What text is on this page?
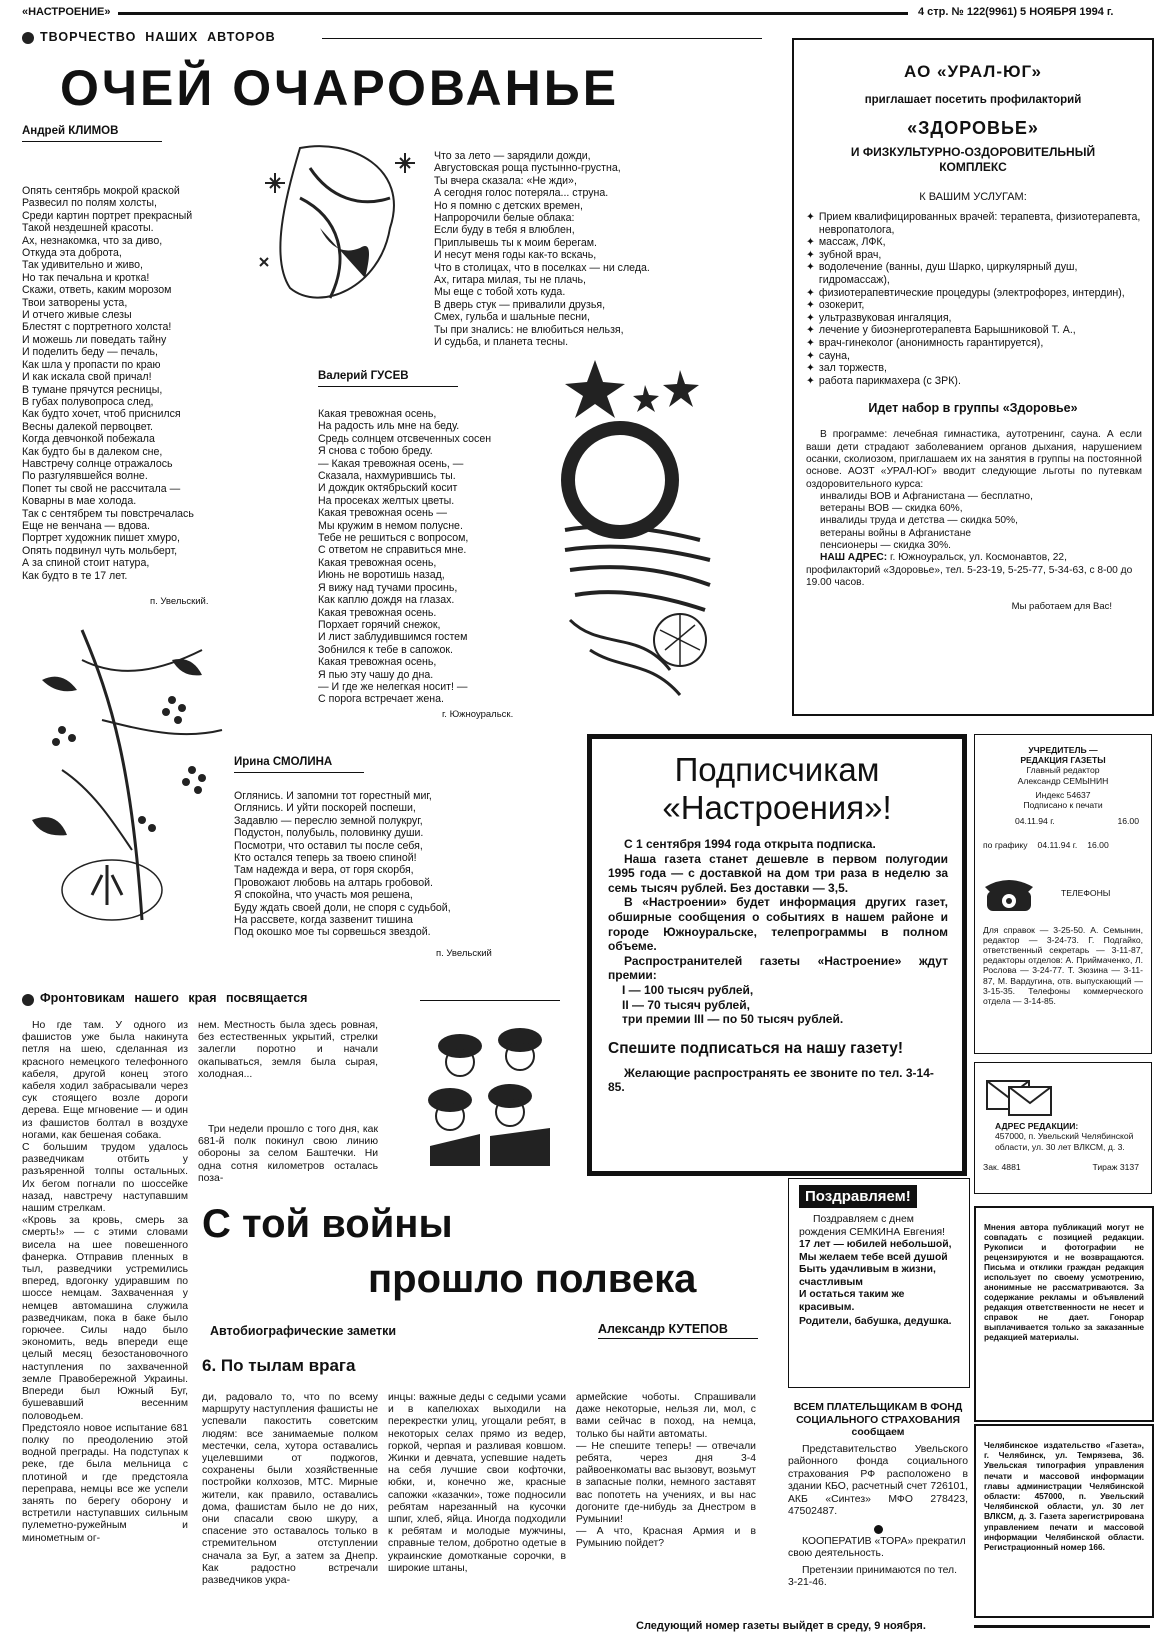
«НАСТРОЕНИЕ»	4 стр. № 122(9961) 5 НОЯБРЯ 1994 г.
ТВОРЧЕСТВО  НАШИХ  АВТОРОВ
ОЧЕЙ ОЧАРОВАНЬЕ
Андрей КЛИМОВ
Опять сентябрь мокрой краской
Развесил по полям холсты,
Среди картин портрет прекрасный
Такой нездешней красоты.
Ах, незнакомка, что за диво,
Откуда эта доброта,
Так удивительно и живо,
Но так печальна и кротка!
Скажи, ответь, каким морозом
Твои затворены уста,
И отчего живые слезы
Блестят с портретного холста!
И можешь ли поведать тайну
И поделить беду — печаль,
Как шла у пропасти по краю
И как искала свой причал!
В тумане прячутся ресницы,
В губах полувопроса след,
Как будто хочет, чтоб приснился
Весны далекой первоцвет.
Когда девчонкой побежала
Как будто бы в далеком сне,
Навстречу солнце отражалось
По разгулявшейся волне.
Попет ты свой не рассчитала —
Коварны в мае холода.
Так с сентябрем ты повстречалась
Еще не венчана — вдова.
Портрет художник пишет хмуро,
Опять подвинул чуть мольберт,
А за спиной стоит натура,
Как будто в те 17 лет.
п. Увельский.
Что за лето — зарядили дожди,
Августовская роща пустынно-грустна,
Ты вчера сказала: «Не жди»,
А сегодня голос потеряла... струна.
Но я помню с детских времен,
Напророчили белые облака:
Если буду в тебя я влюблен,
Приплывешь ты к моим берегам.
И несут меня годы как-то вскачь,
Что в столицах, что в поселках — ни следа.
Ах, гитара милая, ты не плачь,
Мы еще с тобой хоть куда.
В дверь стук — привалили друзья,
Смех, гульба и шальные песни,
Ты при знались: не влюбиться нельзя,
И судьба, и планета тесны.
Валерий ГУСЕВ
Какая тревожная осень,
На радость иль мне на беду.
Средь солнцем отсвеченных сосен
Я снова с тобою бреду.
— Какая тревожная осень, —
Сказала, нахмурившись ты.
И дождик октябрьский косит
На просеках желтых цветы.
Какая тревожная осень —
Мы кружим в немом полусне.
Тебе не решиться с вопросом,
С ответом не справиться мне.
Какая тревожная осень,
Июнь не воротишь назад,
Я вижу над тучами просинь,
Как каплю дождя на глазах.
Какая тревожная осень.
Порхает горячий снежок,
И лист заблудившимся гостем
Зобнился к тебе в сапожок.
Какая тревожная осень,
Я пью эту чашу до дна.
— И где же нелегкая носит! —
С порога встречает жена.
г. Южноуральск.
Ирина СМОЛИНА
Оглянись. И запомни тот горестный миг,
Оглянись. И уйти поскорей поспеши,
Задавлю — переслю земной полукруг,
Подустон, полубыль, половинку души.
Посмотри, что оставил ты после себя,
Кто остался теперь за твоею спиной!
Там надежда и вера, от горя скорбя,
Провожают любовь на алтарь гробовой.
Я спокойна, что участь моя решена,
Буду ждать своей доли, не споря с судьбой,
На рассвете, когда зазвенит тишина
Под окошко мое ты сорвешься звездой.
п. Увельский
АО «УРАЛ-ЮГ»
приглашает посетить профилакторий
«ЗДОРОВЬЕ»
И ФИЗКУЛЬТУРНО-ОЗДОРОВИТЕЛЬНЫЙ КОМПЛЕКС
К ВАШИМ УСЛУГАМ:
✦ Прием квалифицированных врачей: терапевта, физиотерапевта, невропатолога,
✦ массаж, ЛФК,
✦ зубной врач,
✦ водолечение (ванны, душ Шарко, циркулярный душ, гидромассаж),
✦ физиотерапевтические процедуры (электрофорез, интердин),
✦ озокерит,
✦ ультразвуковая ингаляция,
✦ лечение у биоэнерготерапевта Барышниковой Т. А.,
✦ врач-гинеколог (анонимность гарантируется),
✦ сауна,
✦ зал торжеств,
✦ работа парикмахера (с ЗРК).
Идет набор в группы «Здоровье»
В программе: лечебная гимнастика, аутотренинг, сауна. А если ваши дети страдают заболеванием органов дыхания, нарушением осанки, сколиозом, приглашаем их на занятия в группы на постоянной основе. АОЗТ «УРАЛ-ЮГ» вводит следующие льготы по путевкам оздоровительного курса:
инвалиды ВОВ и Афганистана — бесплатно,
ветераны ВОВ — скидка 60%,
инвалиды труда и детства — скидка 50%,
ветераны войны в Афганистане
пенсионеры — скидка 30%.
НАШ АДРЕС: г. Южноуральск, ул. Космонавтов, 22, профилакторий «Здоровье», тел. 5-23-19, 5-25-77, 5-34-63, с 8-00 до 19.00 часов.
Мы работаем для Вас!
Подписчикам
«Настроения»!
С 1 сентября 1994 года открыта подписка.
Наша газета станет дешевле в первом полугодии 1995 года — с доставкой на дом три раза в неделю за семь тысяч рублей. Без доставки — 3,5.
В «Настроении» будет информация других газет, обширные сообщения о событиях в нашем районе и городе Южноуральске, телепрограммы в полном объеме.
Распространителей газеты «Настроение» ждут премии:
I — 100 тысяч рублей,
II — 70 тысяч рублей,
три премии III — по 50 тысяч рублей.
Спешите подписаться на нашу газету!
Желающие распространять ее звоните по тел. 3-14-85.
УЧРЕДИТЕЛЬ — РЕДАКЦИЯ ГАЗЕТЫ
Главный редактор Александр СЕМЫНИН
Индекс 54637
Подписано к печати
04.11.94 г.	16.00
по графику 04.11.94 г. 16.00
ТЕЛЕФОНЫ
Для справок — 3-25-50. А. Семынин, редактор — 3-24-73. Г. Подгайко, ответственный секретарь — 3-11-87, редакторы отделов: А. Приймаченко, Л. Рослова — 3-24-77. Т. Зюзина — 3-11-87, М. Вардугина, отв. выпускающий — 3-15-35. Телефоны коммерческого отдела — 3-14-85.
АДРЕС РЕДАКЦИИ:
457000, п. Увельский Челябинской области, ул. 30 лет ВЛКСМ, д. 3.
Зак. 4881	Тираж 3137
Мнения автора публикаций могут не совпадать с позицией редакции. Рукописи и фотографии не рецензируются и не возвращаются. Письма и отклики граждан редакция использует по своему усмотрению, анонимные не рассматриваются. За содержание рекламы и объявлений редакция ответственности не несет и справок не дает. Гонорар выплачивается только за заказанные редакцией материалы.
Челябинское издательство «Газета», г. Челябинск, ул. Темрязева, 36. Увельская типография управления печати и массовой информации главы администрации Челябинской области: 457000, п. Увельский Челябинской области, ул. 30 лет ВЛКСМ, д. 3. Газета зарегистрирована управлением печати и массовой информации Челябинской области. Регистрационный номер 166.
Поздравляем!
Поздравляем с днем рождения СЕМКИНА Евгения!
17 лет — юбилей небольшой,
Мы желаем тебе всей душой
Быть удачливым в жизни, счастливым
И остаться таким же красивым.
Родители, бабушка, дедушка.
ВСЕМ ПЛАТЕЛЬЩИКАМ В ФОНД СОЦИАЛЬНОГО СТРАХОВАНИЯ сообщаем
Представительство Увельского районного фонда социального страхования РФ расположено в здании КБО, расчетный счет 726101, АКБ «Синтез» МФО 278423, 47502487.
КООПЕРАТИВ «ТОРА» прекратил свою деятельность.
Претензии принимаются по тел. 3-21-46.
Фронтовикам нашего края посвящается
Но где там. У одного из фашистов уже была накинута петля на шею, сделанная из красного немецкого телефонного кабеля, другой конец этого кабеля ходил забрасывали через сук стоящего возле дороги дерева. Еще мгновение — и один из фашистов болтал в воздухе ногами, как бешеная собака.
С большим трудом удалось разведчикам отбить у разъяренной толпы остальных. Их бегом погнали по шоссейке назад, навстречу наступавшим нашим стрелкам.
«Кровь за кровь, смерь за смерть!» — с этими словами висела на шее повешенного фанерка. Отправив пленных в тыл, разведчики устремились вперед, вдогонку удиравшим по шоссе немцам. Захваченная у немцев автомашина служила разведчикам, пока в баке было горючее. Силы надо было экономить, ведь впереди еще целый месяц безостановочного наступления по захваченной земле Правобережной Украины. Впереди был Южный Буг, бушевавший весенним половодьем.
Предстояло новое испытание 681 полку по преодолению этой водной преграды. На подступах к реке, где была мельница с плотиной и где предстояла переправа, немцы все же успели занять по берегу оборону и встретили наступавших сильным пулеметно-ружейным и минометным ог-
нем. Местность была здесь ровная, без естественных укрытий, стрелки залегли поротно и начали окапываться, земля была сырая, холодная...
Три недели прошло с того дня, как 681-й полк покинул свою линию обороны за селом Баштечки. Ни одна сотня километров осталась поза-
С той войны
прошло полвека
Автобиографические заметки	Александр КУТЕПОВ
6. По тылам врага
ди, радовало то, что по всему маршруту наступления фашисты не успевали пакостить советским людям: все занимаемые полком местечки, села, хутора оставались уцелевшими от поджогов, сохранены были хозяйственные постройки колхозов, МТС. Мирные жители, как правило, оставались дома, фашистам было не до них, они спасали свою шкуру, а спасение это оставалось только в стремительном отступлении сначала за Буг, а затем за Днепр. Как радостно встречали разведчиков укра-
инцы: важные деды с седыми усами и в капелюхах выходили на перекрестки улиц, угощали ребят, в некоторых селах прямо из ведер, горкой, черпая и разливая ковшом. Жинки и девчата, успевшие надеть на себя лучшие свои кофточки, юбки, и, конечно же, красные сапожки «казачки», тоже подносили ребятам нарезанный на кусочки шпиг, хлеб, яйца. Иногда подходили к ребятам и молодые мужчины, справные телом, добротно одетые в украинские домотканые сорочки, в широкие штаны,
армейские чоботы. Спрашивали даже некоторые, нельзя ли, мол, с вами сейчас в поход, на немца, только бы найти автоматы.
— Не спешите теперь! — отвечали ребята, через дня 3-4 райвоенкоматы вас вызовут, возьмут в запасные полки, немного заставят вас попотеть на учениях, и вы нас догоните где-нибудь за Днестром в Румынии!
— А что, Красная Армия и в Румынию пойдет?
Следующий номер газеты выйдет в среду, 9 ноября.
